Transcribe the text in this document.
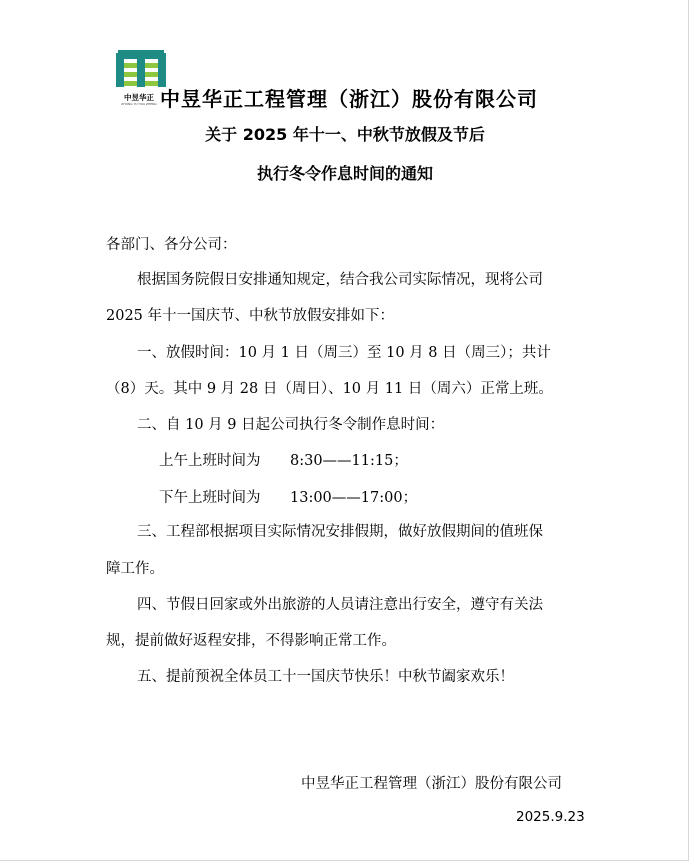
中昱华正
ZHONG YU HUA ZHENG 中昱华正工程管理（浙江）股份有限公司
关于 2025 年十一、中秋节放假及节后
执行冬令作息时间的通知
各部门、各分公司：
根据国务院假日安排通知规定，结合我公司实际情况，现将公司
2025 年十一国庆节、中秋节放假安排如下：
一、放假时间：10 月 1 日（周三）至 10 月 8 日（周三）；共计
（8）天。其中 9 月 28 日（周日）、10 月 11 日（周六）正常上班。
二、自 10 月 9 日起公司执行冬令制作息时间：
上午上班时间为 8:30——11:15；
下午上班时间为 13:00——17:00；
三、工程部根据项目实际情况安排假期，做好放假期间的值班保
障工作。
四、节假日回家或外出旅游的人员请注意出行安全，遵守有关法
规，提前做好返程安排，不得影响正常工作。
五、提前预祝全体员工十一国庆节快乐！中秋节阖家欢乐！
中昱华正工程管理（浙江）股份有限公司
2025.9.23
